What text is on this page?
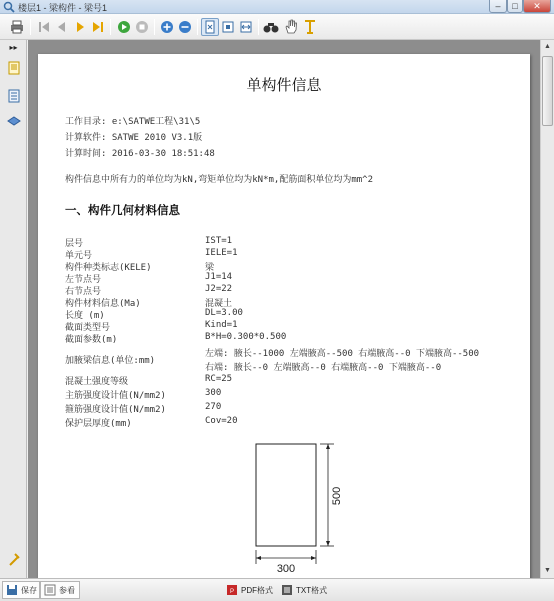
楼层1 - 梁构件 - 梁号1	–	□	✕
▸▸
单构件信息
工作目录: e:\SATWE工程\31\5
计算软件: SATWE 2010 V3.1版
计算时间: 2016-03-30 18:51:48
构件信息中所有力的单位均为kN,弯矩单位均为kN*m,配筋面积单位均为mm^2
一、构件几何材料信息
层号	IST=1
单元号	IELE=1
构件种类标志(KELE)	梁
左节点号	J1=14
右节点号	J2=22
构件材料信息(Ma)	混凝土
长度 (m)	DL=3.00
截面类型号	Kind=1
截面参数(m)	B*H=0.300*0.500
加腋梁信息(单位:mm)
左端: 腋长--1000 左端腋高--500 右端腋高--0 下端腋高--500
右端: 腋长--0 左端腋高--0 右端腋高--0 下端腋高--0
混凝土强度等级	RC=25
主筋强度设计值(N/mm2)	300
箍筋强度设计值(N/mm2)	270
保护层厚度(mm)	Cov=20
300
500
▲
▼
保存	参看	P PDF格式	TXT格式
